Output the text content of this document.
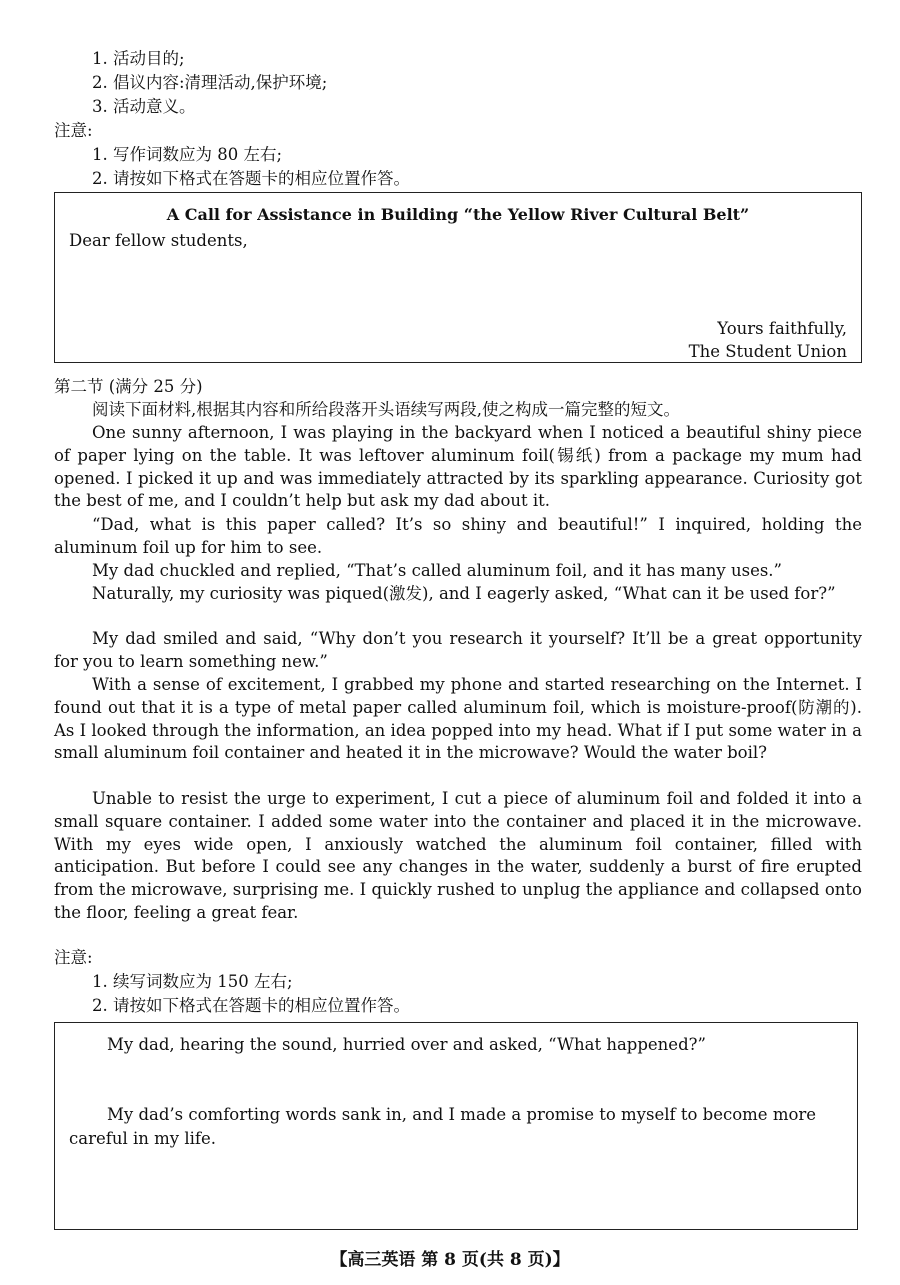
1. 活动目的;
2. 倡议内容:清理活动,保护环境;
3. 活动意义。
注意:
1. 写作词数应为 80 左右;
2. 请按如下格式在答题卡的相应位置作答。
A Call for Assistance in Building “the Yellow River Cultural Belt”
Dear fellow students,
Yours faithfully,
The Student Union
第二节 (满分 25 分)
阅读下面材料,根据其内容和所给段落开头语续写两段,使之构成一篇完整的短文。
One sunny afternoon, I was playing in the backyard when I noticed a beautiful shiny piece of paper lying on the table. It was leftover aluminum foil(锡纸) from a package my mum had opened. I picked it up and was immediately attracted by its sparkling appearance. Curiosity got the best of me, and I couldn’t help but ask my dad about it.
“Dad, what is this paper called? It’s so shiny and beautiful!” I inquired, holding the aluminum foil up for him to see.
My dad chuckled and replied, “That’s called aluminum foil, and it has many uses.”
Naturally, my curiosity was piqued(激发), and I eagerly asked, “What can it be used for?”
My dad smiled and said, “Why don’t you research it yourself? It’ll be a great opportunity for you to learn something new.”
With a sense of excitement, I grabbed my phone and started researching on the Internet. I found out that it is a type of metal paper called aluminum foil, which is moisture-proof(防潮的). As I looked through the information, an idea popped into my head. What if I put some water in a small aluminum foil container and heated it in the microwave? Would the water boil?
Unable to resist the urge to experiment, I cut a piece of aluminum foil and folded it into a small square container. I added some water into the container and placed it in the microwave. With my eyes wide open, I anxiously watched the aluminum foil container, filled with anticipation. But before I could see any changes in the water, suddenly a burst of fire erupted from the microwave, surprising me. I quickly rushed to unplug the appliance and collapsed onto the floor, feeling a great fear.
注意:
1. 续写词数应为 150 左右;
2. 请按如下格式在答题卡的相应位置作答。
My dad, hearing the sound, hurried over and asked, “What happened?”
My dad’s comforting words sank in, and I made a promise to myself to become more careful in my life.
【高三英语 第 8 页(共 8 页)】
